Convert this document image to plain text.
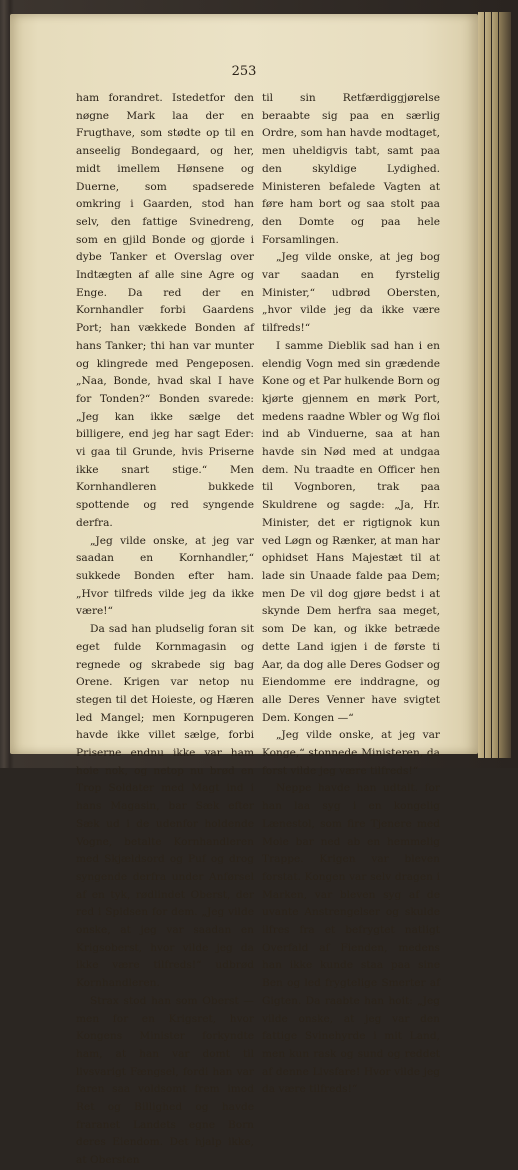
253

ham forandret. Istedetfor den nøgne Mark laa der en Frugthave, som stødte op til en anseelig Bondegaard, og her, midt imellem Hønsene og Duerne, som spadserede omkring i Gaarden, stod han selv, den fattige Svinedreng, som en gjild Bonde og gjorde i dybe Tanker et Overslag over Indtægten af alle sine Agre og Enge. Da red der en Kornhandler forbi Gaardens Port; han vækkede Bonden af hans Tanker; thi han var munter og klingrede med Pengeposen. „Naa, Bonde, hvad skal I have for Tonden?“ Bonden svarede: „Jeg kan ikke sælge det billigere, end jeg har sagt Eder: vi gaa til Grunde, hvis Priserne ikke snart stige.“ Men Kornhandleren bukkede spottende og red syngende derfra.

„Jeg vilde onske, at jeg var saadan en Kornhandler,“ sukkede Bonden efter ham. „Hvor tilfreds vilde jeg da ikke være!“

Da sad han pludselig foran sit eget fulde Kornmagasin og regnede og skrabede sig bag Orene. Krigen var netop nu stegen til det Hoieste, og Hæren led Mangel; men Kornpugeren havde ikke villet sælge, forbi Priserne endnu ikke var ham hoie nok, og netop nu brød en Trop Soldater med Magt ind i hans Magasin, bar Sæk efter Sæk ud i de udenfor holdende Vogne, betalte Kornhandleren med Skjældsord og Puf og drog syngende derfra under Anførsel af en tyk, rødlindet Oberst, der red i Spidsen for dem. „Jeg vilde onske, at jeg var saadan en Krigsoberst, hvor vilde jeg da ikke være tilfreds!“ udbrød Kornhandleren.

Strax stod han som Oberst — men for en Krigsret, hvor Kongens Minister forkyndte ham, at han var domt til livsvarigt Fængsel, fordi han var faren saa voldsomt frem imod Ret og Billighed og havde fraranet Landets egne Born deres Eiendom. Det hjalp ikke, at Obersten

til sin Retfærdiggjørelse beraabte sig paa en særlig Ordre, som han havde modtaget, men uheldigvis tabt, samt paa den skyldige Lydighed. Ministeren befalede Vagten at føre ham bort og saa stolt paa den Domte og paa hele Forsamlingen.

„Jeg vilde onske, at jeg bog var saadan en fyrstelig Minister,“ udbrød Obersten, „hvor vilde jeg da ikke være tilfreds!“

I samme Dieblik sad han i en elendig Vogn med sin grædende Kone og et Par hulkende Born og kjørte gjennem en mørk Port, medens raadne Wbler og Wg floi ind ab Vinduerne, saa at han havde sin Nød med at undgaa dem. Nu traadte en Officer hen til Vognboren, trak paa Skuldrene og sagde: „Ja, Hr. Minister, det er rigtignok kun ved Løgn og Rænker, at man har ophidset Hans Majestæt til at lade sin Unaade falde paa Dem; men De vil dog gjøre bedst i at skynde Dem herfra saa meget, som De kan, og ikke betræde dette Land igjen i de første ti Aar, da dog alle Deres Godser og Eiendomme ere inddragne, og alle Deres Venner have svigtet Dem. Kongen —“

„Jeg vilde onske, at jeg var Konge,“ stonnede Ministeren, da forst vilde jeg være tilfreds!“

Neppe havde han udtalt. for han laa syg i en kongelig Lænestol, som fire Tjenere med Moie bar ned ab en hemmelig Trappe. Krigen var bleven forstat. Kongen var selv dragen i Marken, var bleven syg af de uvante Anstrengelser og skulde ilfres fra et befrygtet natligt Overfald af Fienden, medens han ikke kunde staa paa sine Ben og led frygtelige Smerter af Gigten. Da raabte han hoit: „Jeg vilde onske, at jeg var den fattige Svinehyrde i mit Land, men kun rask og sund og reddet af denne Livsfare! Hvor vilde jeg da være tilfreds!“
